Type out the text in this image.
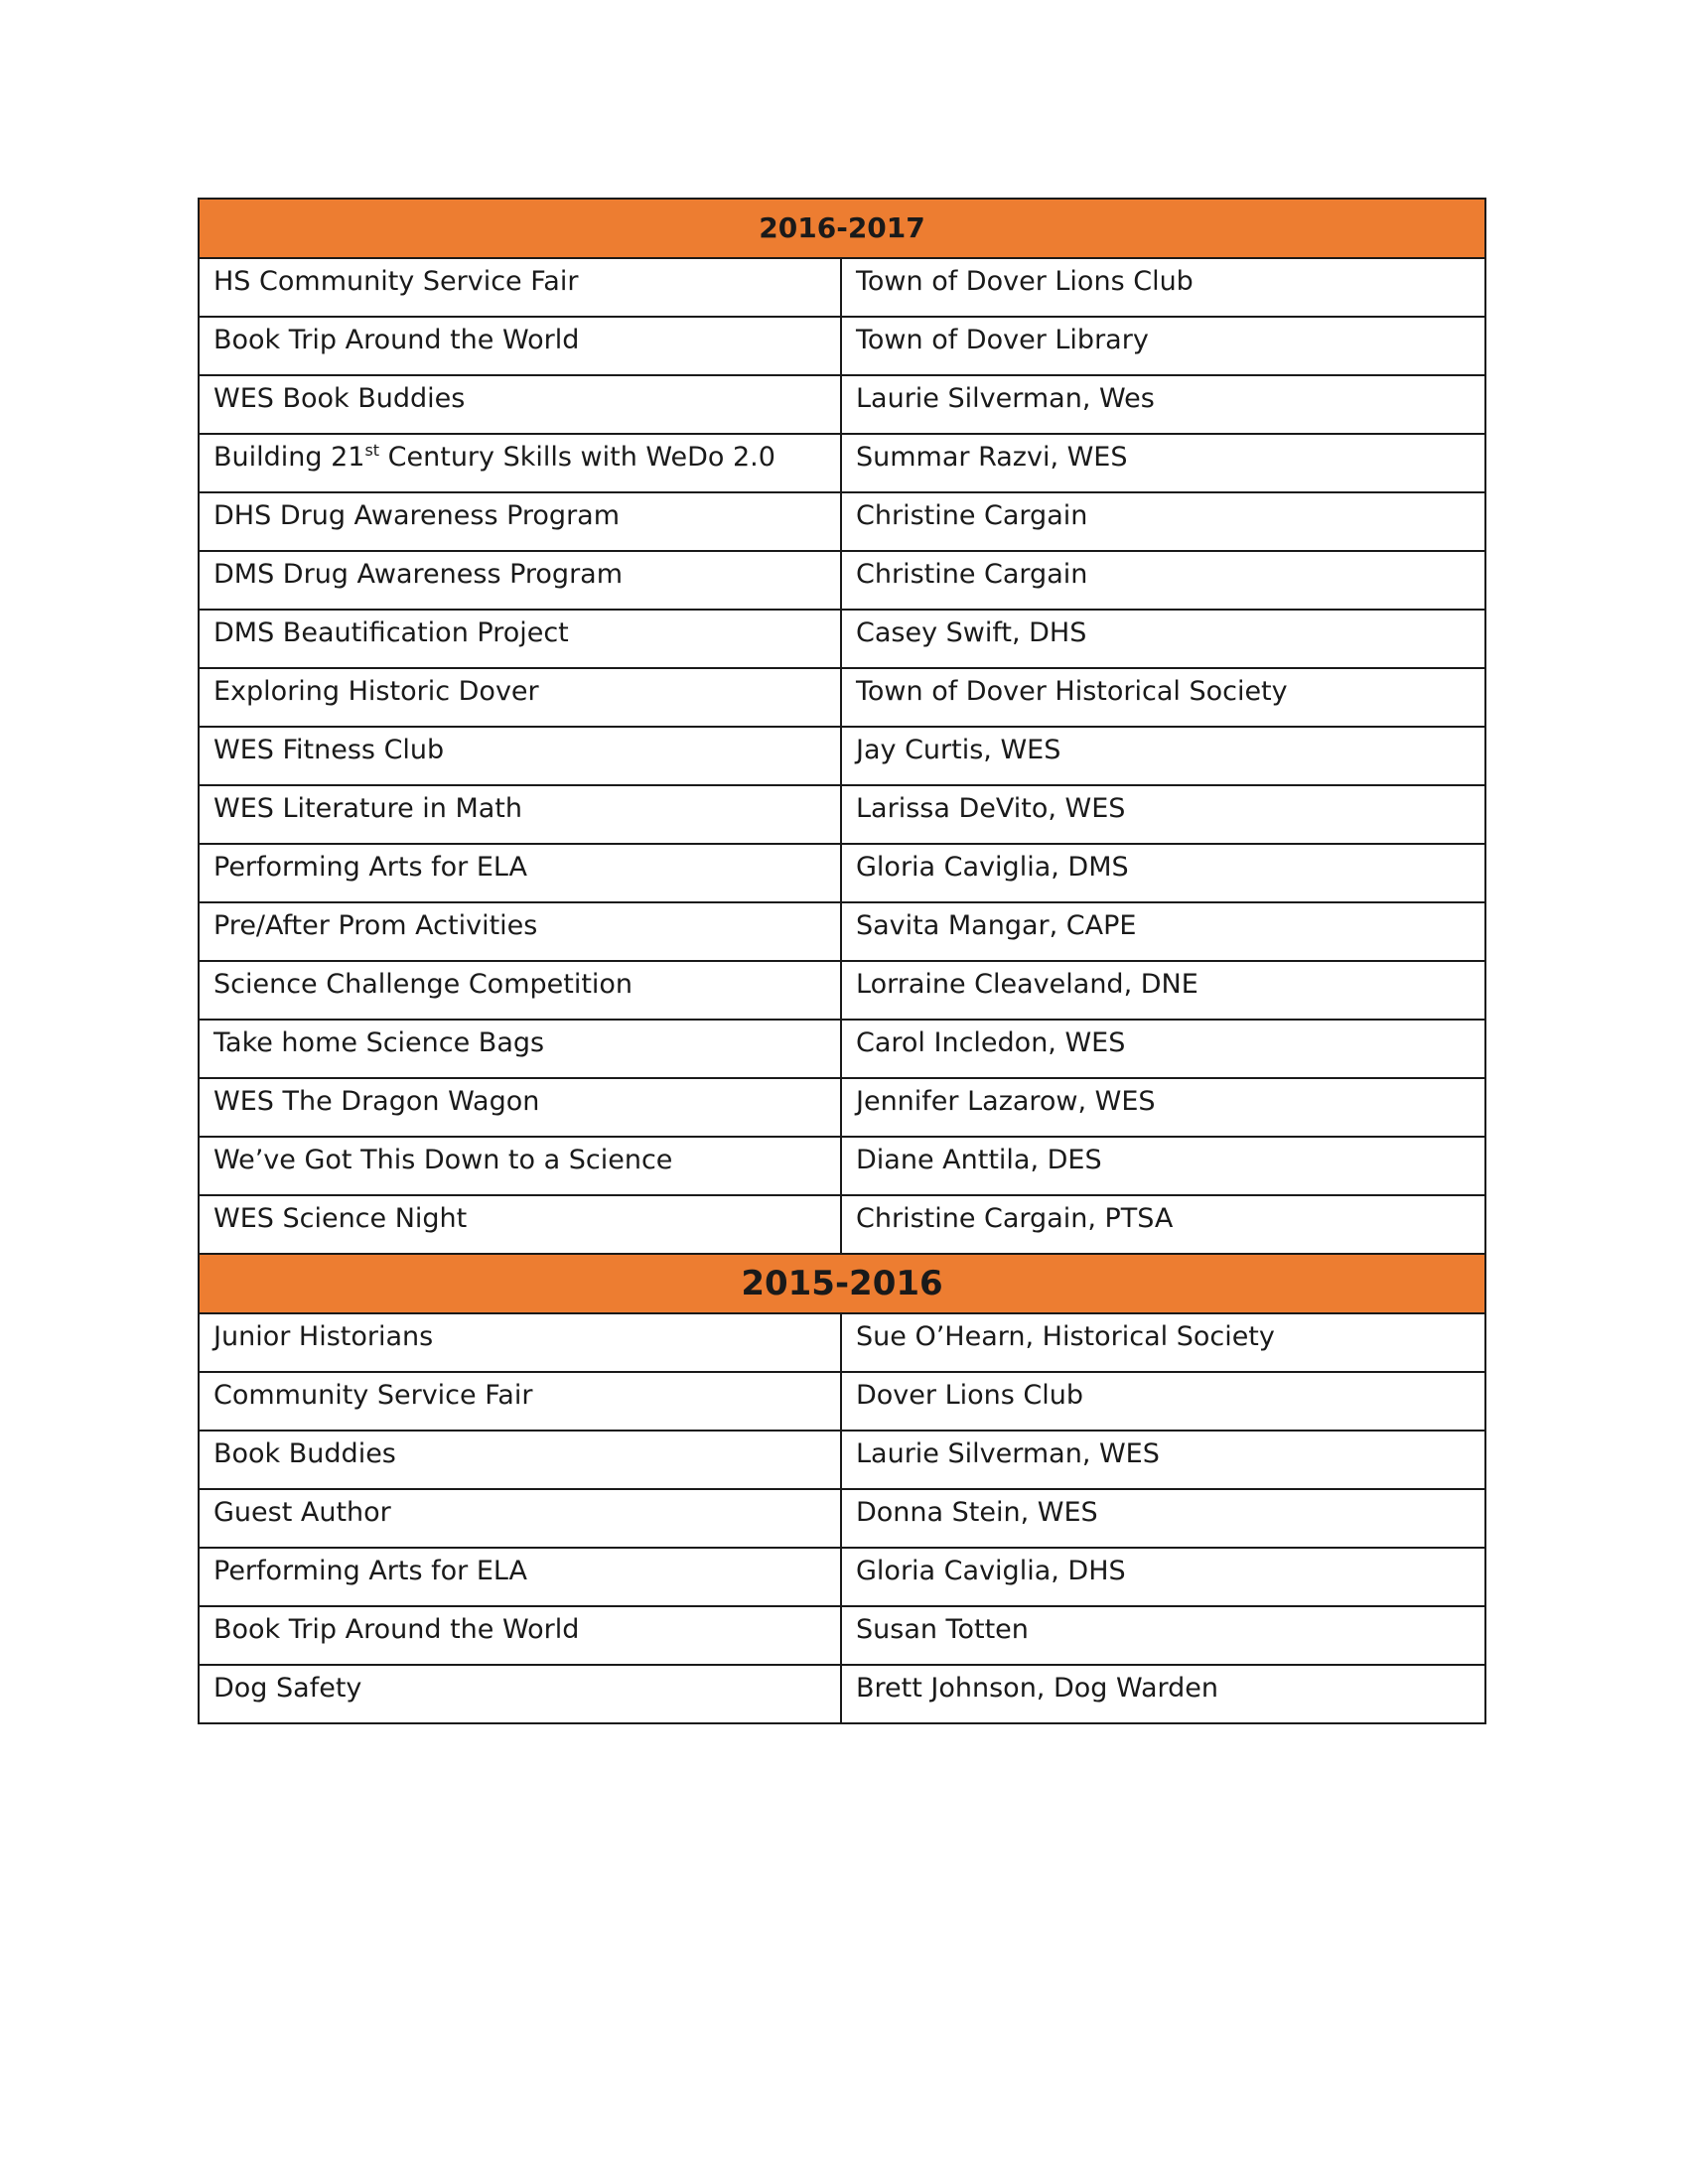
2016-2017	
HS Community Service Fair	Town of Dover Lions Club
Book Trip Around the World	Town of Dover Library
WES Book Buddies	Laurie Silverman, Wes
Building 21st Century Skills with WeDo 2.0	Summar Razvi, WES
DHS Drug Awareness Program	Christine Cargain
DMS Drug Awareness Program	Christine Cargain
DMS Beautification Project	Casey Swift, DHS
Exploring Historic Dover	Town of Dover Historical Society
WES Fitness Club	Jay Curtis, WES
WES Literature in Math	Larissa DeVito, WES
Performing Arts for ELA	Gloria Caviglia, DMS
Pre/After Prom Activities	Savita Mangar, CAPE
Science Challenge Competition	Lorraine Cleaveland, DNE
Take home Science Bags	Carol Incledon, WES
WES The Dragon Wagon	Jennifer Lazarow, WES
We’ve Got This Down to a Science	Diane Anttila, DES
WES Science Night	Christine Cargain, PTSA
2015-2016	
Junior Historians	Sue O’Hearn, Historical Society
Community Service Fair	Dover Lions Club
Book Buddies	Laurie Silverman, WES
Guest Author	Donna Stein, WES
Performing Arts for ELA	Gloria Caviglia, DHS
Book Trip Around the World	Susan Totten
Dog Safety	Brett Johnson, Dog Warden
